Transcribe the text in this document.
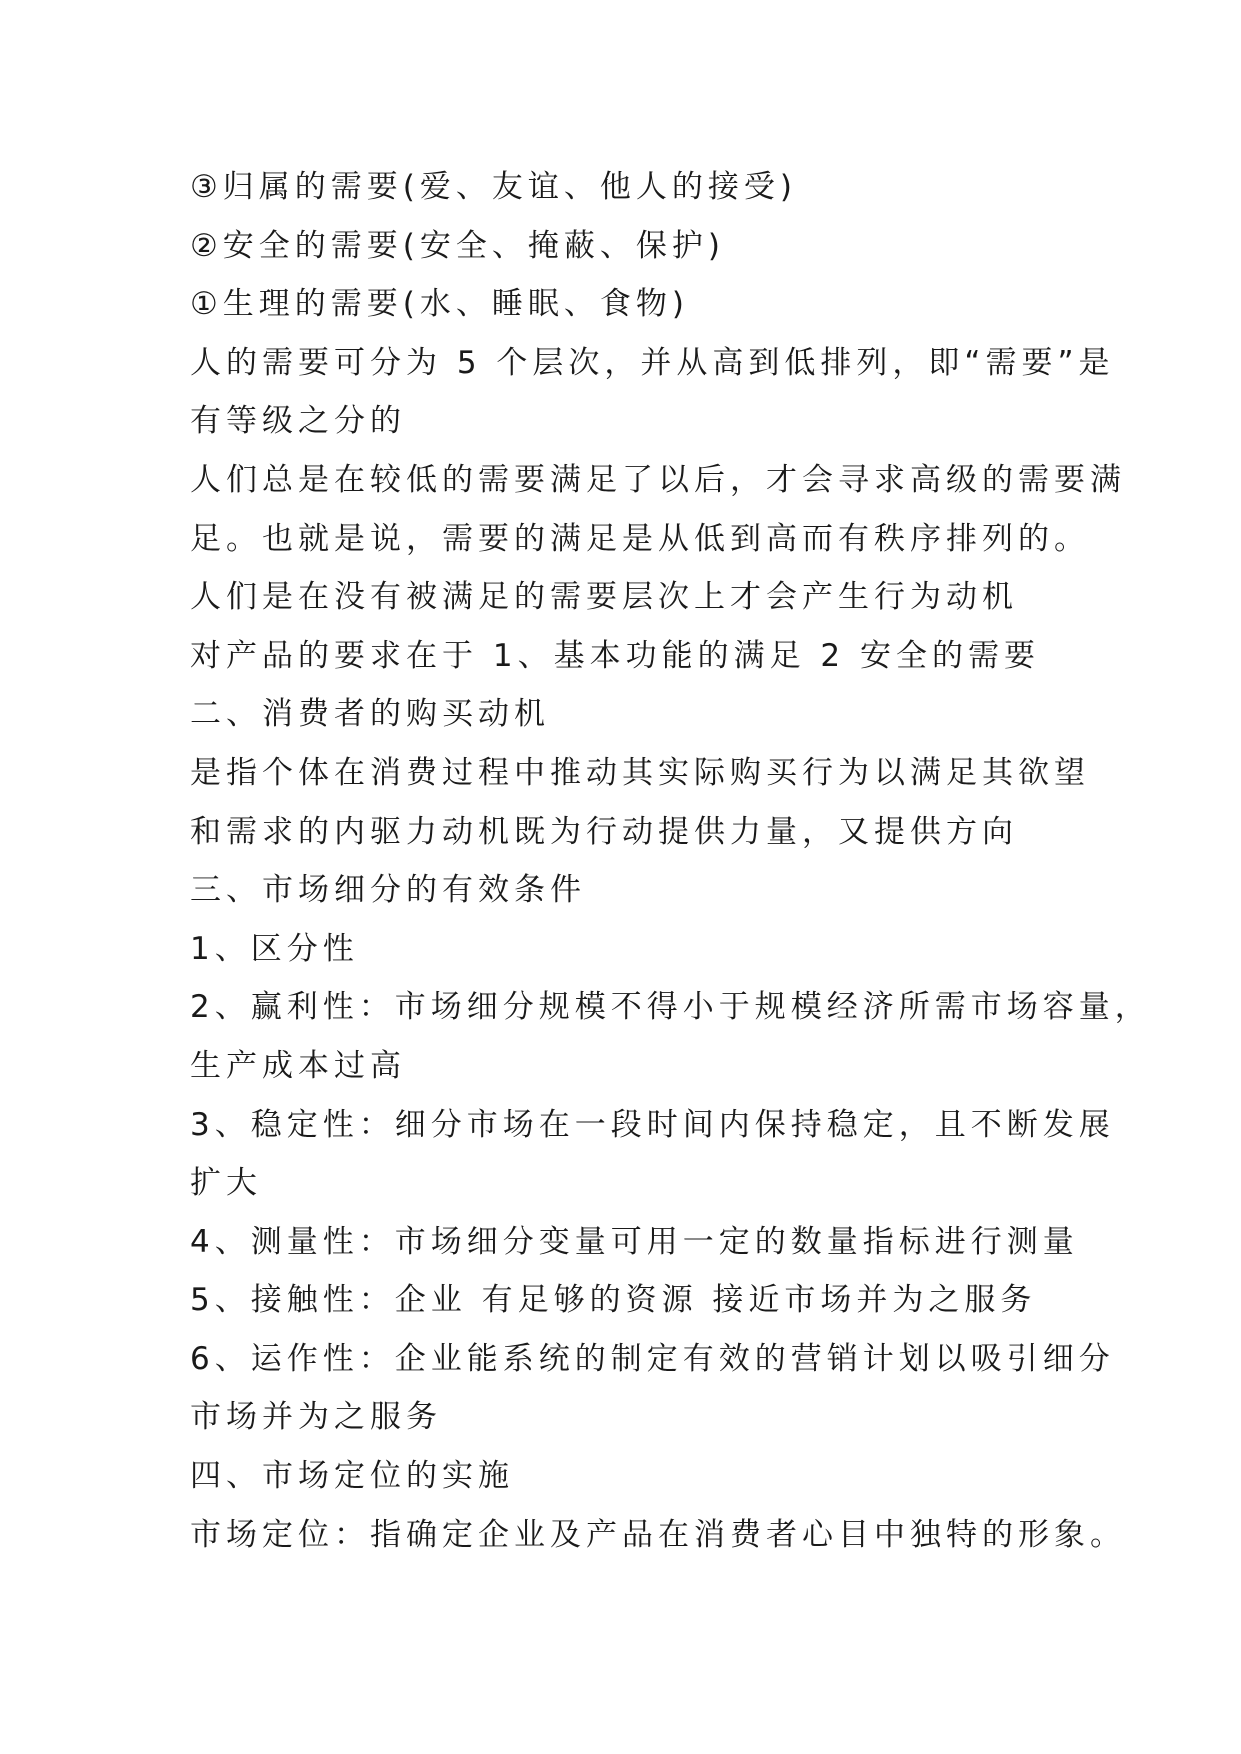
③归属的需要(爱、友谊、他人的接受)
②安全的需要(安全、掩蔽、保护)
①生理的需要(水、睡眠、食物)
人的需要可分为 5 个层次，并从高到低排列，即“需要”是
有等级之分的
人们总是在较低的需要满足了以后，才会寻求高级的需要满
足。也就是说，需要的满足是从低到高而有秩序排列的。
人们是在没有被满足的需要层次上才会产生行为动机
对产品的要求在于 1、基本功能的满足 2 安全的需要
二、消费者的购买动机
是指个体在消费过程中推动其实际购买行为以满足其欲望
和需求的内驱力动机既为行动提供力量，又提供方向
三、市场细分的有效条件
1、区分性
2、赢利性：市场细分规模不得小于规模经济所需市场容量，
生产成本过高
3、稳定性：细分市场在一段时间内保持稳定，且不断发展
扩大
4、测量性：市场细分变量可用一定的数量指标进行测量
5、接触性：企业 有足够的资源 接近市场并为之服务
6、运作性：企业能系统的制定有效的营销计划以吸引细分
市场并为之服务
四、市场定位的实施
市场定位：指确定企业及产品在消费者心目中独特的形象。
